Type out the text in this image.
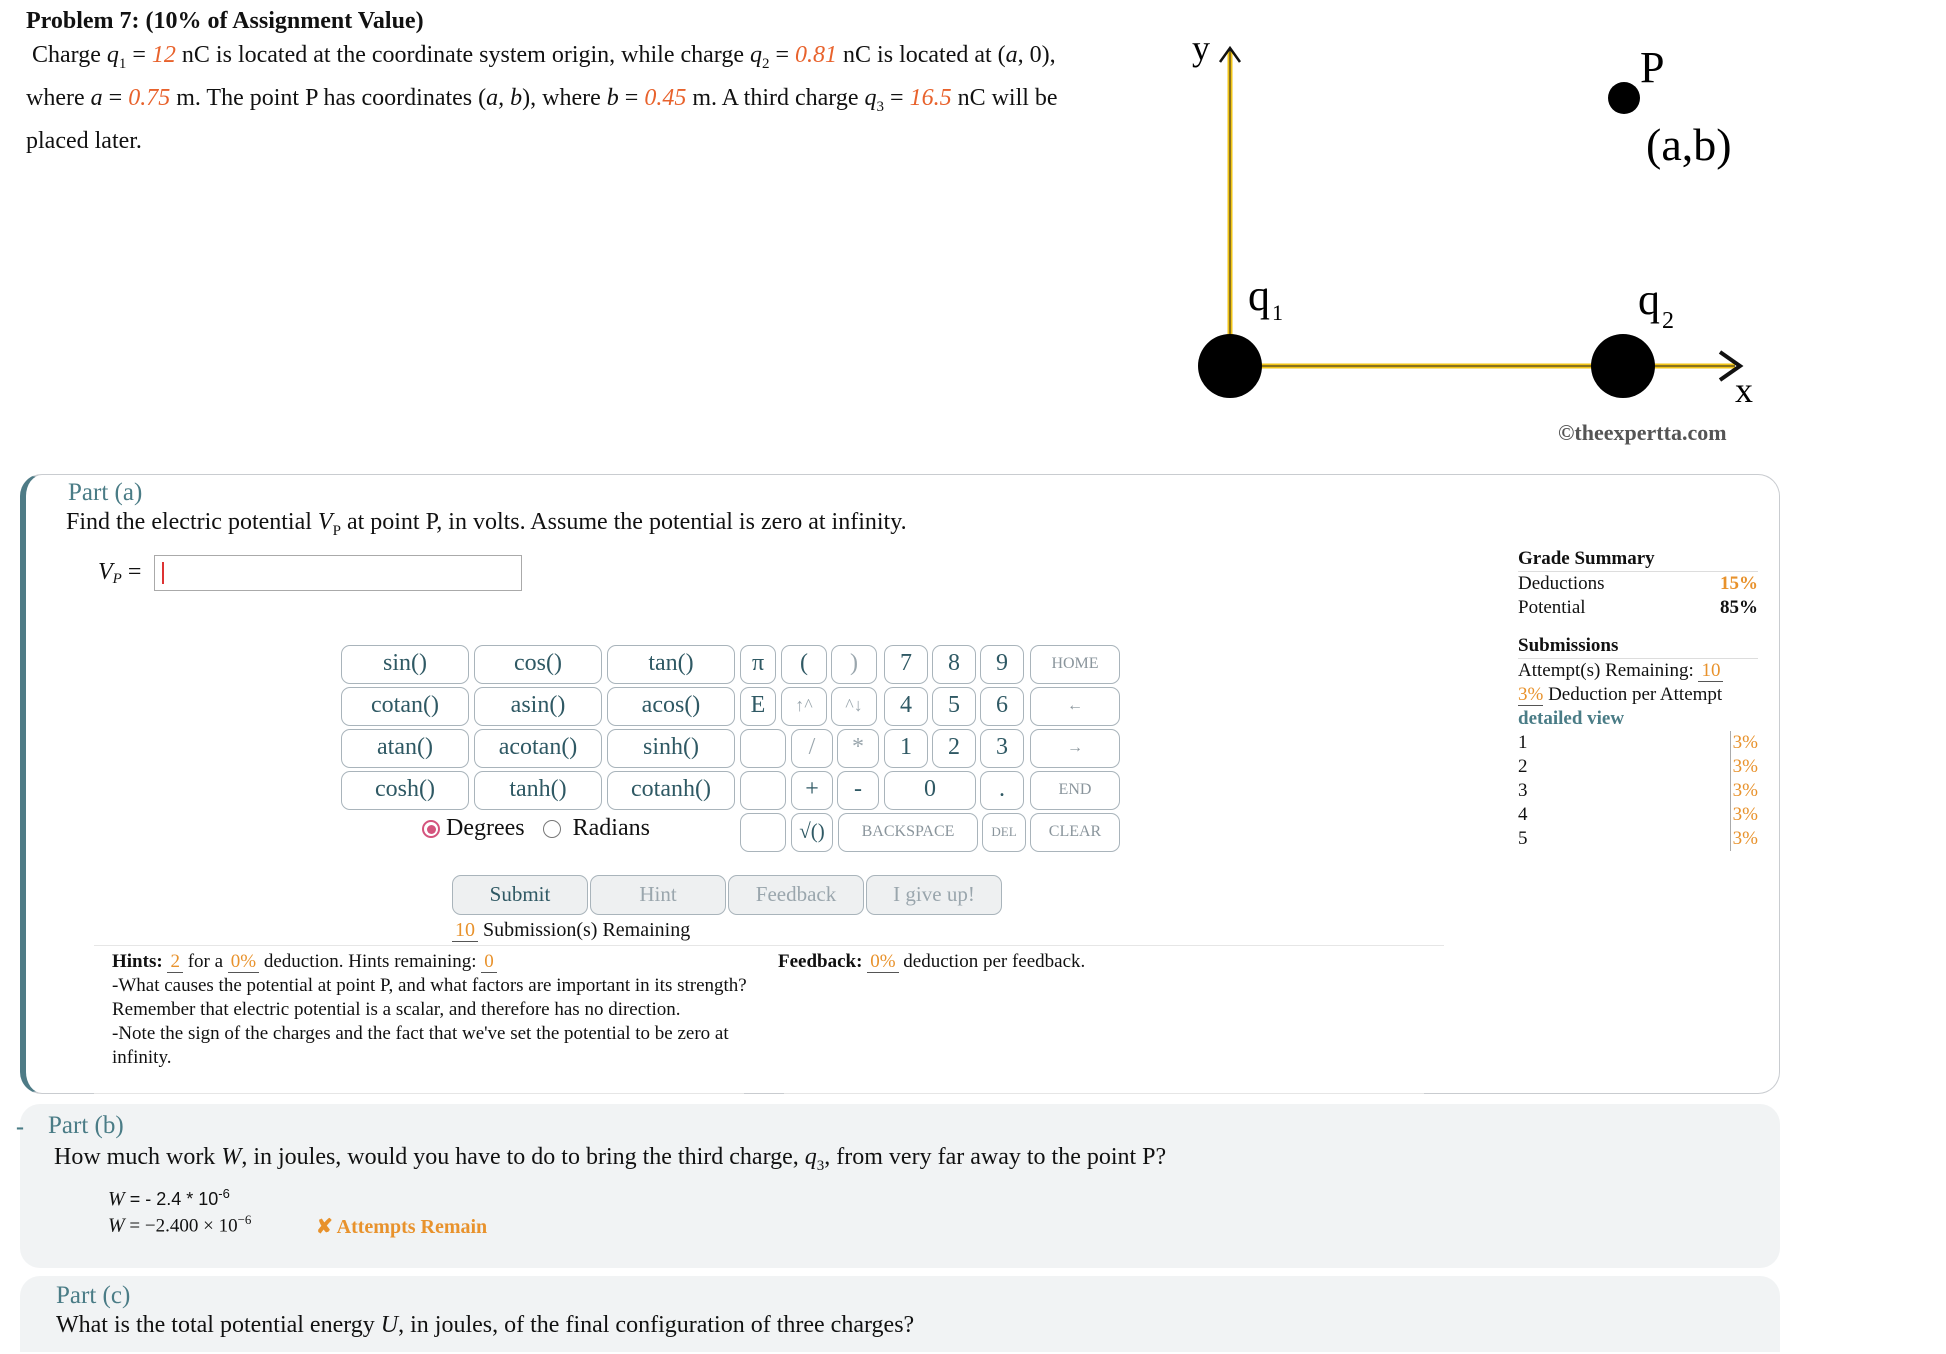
Problem 7: (10% of Assignment Value)
Charge $q_1 = 12$ nC is located at the coordinate system origin, while charge $q_2 = 0.81$ nC is located at (a, 0),
where a = 0.75 m. The point P has coordinates (a, b), where b = 0.45 m. A third charge $q_3 = 16.5$ nC will be
placed later.
y
x
P
(a,b)
q 1	q 2
©theexpertta.com
Part (a)
Find the electric potential $V_P$ at point P, in volts. Assume the potential is zero at infinity.
$V_P$ =
sin()	cos()	tan()
cotan()	asin()	acos()
atan()	acotan()	sinh()
cosh()	tanh()	cotanh()
Degrees Radians
π
E
(	)
↑^	^↓
/	*
+	-
√()
7	8	9
4	5	6
1	2	3
0	.
HOME
←
→
END
BACKSPACE	DEL	CLEAR
Submit	Hint	Feedback	I give up!
10 Submission(s) Remaining
Grade Summary
Deductions	15%
Potential	85%
Submissions
Attempt(s) Remaining: 10
3% Deduction per Attempt
detailed view
1	3%
2	3%
3	3%
4	3%
5	3%
Hints: 2 for a 0% deduction. Hints remaining: 0
-What causes the potential at point P, and what factors are important in its strength? Remember that electric potential is a scalar, and therefore has no direction.
-Note the sign of the charges and the fact that we've set the potential to be zero at infinity.
Feedback: 0% deduction per feedback.
- Part (b)
How much work W, in joules, would you have to do to bring the third charge, $q_3$, from very far away to the point P?
W = - $2.4 * 10^{-6}$
$W = -2.400 \times 10^{-6}$	✘ Attempts Remain
Part (c)
What is the total potential energy U, in joules, of the final configuration of three charges?
